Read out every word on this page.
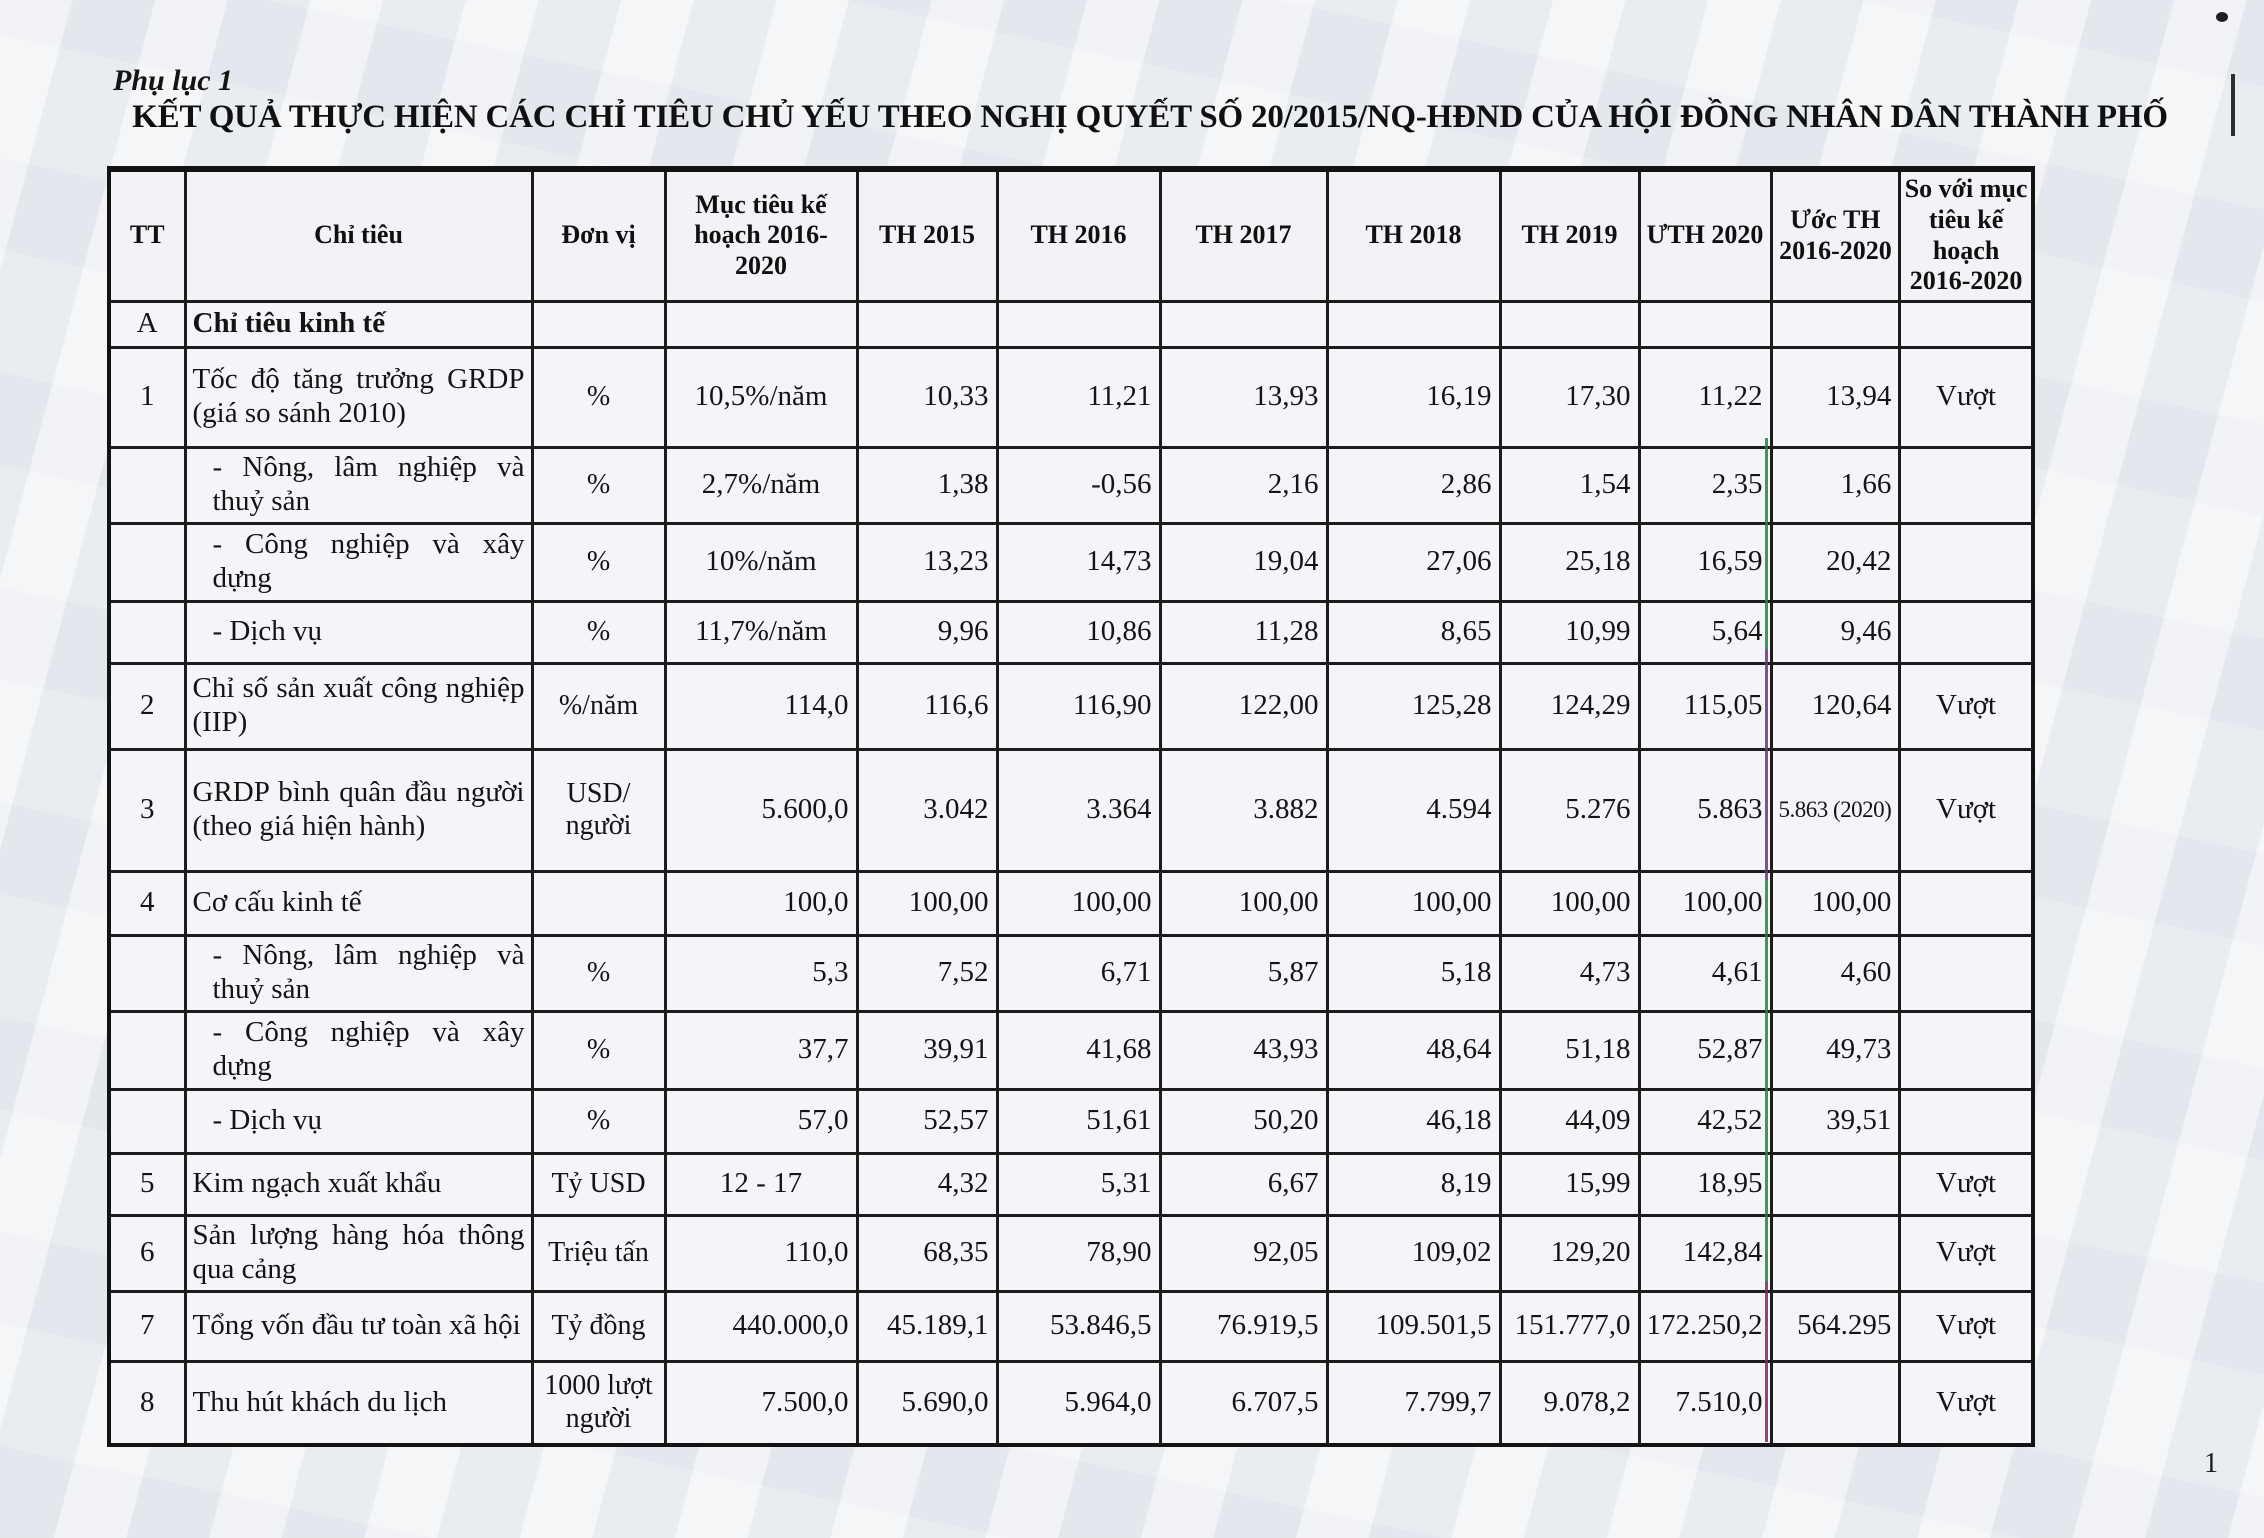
Phụ lục 1
KẾT QUẢ THỰC HIỆN CÁC CHỈ TIÊU CHỦ YẾU THEO NGHỊ QUYẾT SỐ 20/2015/NQ-HĐND CỦA HỘI ĐỒNG NHÂN DÂN THÀNH PHỐ
TT	Chỉ tiêu	Đơn vị	Mục tiêu kế hoạch 2016-2020	TH 2015	TH 2016	TH 2017	TH 2018	TH 2019	ƯTH 2020	Ước TH 2016-2020	So với mục tiêu kế hoạch 2016-2020
A	Chỉ tiêu kinh tế										
1	Tốc độ tăng trưởng GRDP (giá so sánh 2010)	%	10,5%/năm	10,33	11,21	13,93	16,19	17,30	11,22	13,94	Vượt
	- Nông, lâm nghiệp và thuỷ sản	%	2,7%/năm	1,38	-0,56	2,16	2,86	1,54	2,35	1,66	
	- Công nghiệp và xây dựng	%	10%/năm	13,23	14,73	19,04	27,06	25,18	16,59	20,42	
	- Dịch vụ	%	11,7%/năm	9,96	10,86	11,28	8,65	10,99	5,64	9,46	
2	Chỉ số sản xuất công nghiệp (IIP)	%/năm	114,0	116,6	116,90	122,00	125,28	124,29	115,05	120,64	Vượt
3	GRDP bình quân đầu người (theo giá hiện hành)	USD/ người	5.600,0	3.042	3.364	3.882	4.594	5.276	5.863	5.863 (2020)	Vượt
4	Cơ cấu kinh tế		100,0	100,00	100,00	100,00	100,00	100,00	100,00	100,00	
	- Nông, lâm nghiệp và thuỷ sản	%	5,3	7,52	6,71	5,87	5,18	4,73	4,61	4,60	
	- Công nghiệp và xây dựng	%	37,7	39,91	41,68	43,93	48,64	51,18	52,87	49,73	
	- Dịch vụ	%	57,0	52,57	51,61	50,20	46,18	44,09	42,52	39,51	
5	Kim ngạch xuất khẩu	Tỷ USD	12 - 17	4,32	5,31	6,67	8,19	15,99	18,95		Vượt
6	Sản lượng hàng hóa thông qua cảng	Triệu tấn	110,0	68,35	78,90	92,05	109,02	129,20	142,84		Vượt
7	Tổng vốn đầu tư toàn xã hội	Tỷ đồng	440.000,0	45.189,1	53.846,5	76.919,5	109.501,5	151.777,0	172.250,2	564.295	Vượt
8	Thu hút khách du lịch	1000 lượt người	7.500,0	5.690,0	5.964,0	6.707,5	7.799,7	9.078,2	7.510,0		Vượt
1
